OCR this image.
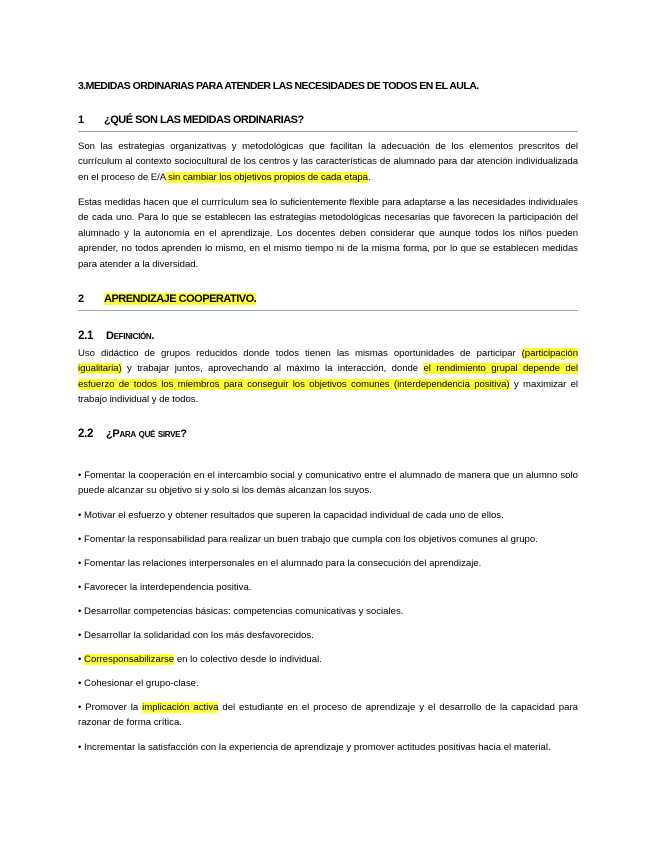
3.MEDIDAS ORDINARIAS PARA ATENDER LAS NECESIDADES DE TODOS EN EL AULA.
1 ¿QUÉ SON LAS MEDIDAS ORDINARIAS?

Son las estrategias organizativas y metodológicas que facilitan la adecuación de los elementos prescritos del currículum al contexto sociocultural de los centros y las características de alumnado para dar atención individualizada en el proceso de E/A sin cambiar los objetivos propios de cada etapa.

Estas medidas hacen que el currrículum sea lo suficientemente flexible para adaptarse a las necesidades individuales de cada uno. Para lo que se establecen las estrategias metodológicas necesarias que favorecen la participación del alumnado y la autonomía en el aprendizaje. Los docentes deben considerar que aunque todos los niños pueden aprender, no todos aprenden lo mismo, en el mismo tiempo ni de la misma forma, por lo que se establecen medidas para atender a la diversidad.

2 APRENDIZAJE COOPERATIVO.
2.1 Definición.

Uso didáctico de grupos reducidos donde todos tienen las mismas oportunidades de participar (participación igualitaria) y trabajar juntos, aprovechando al máximo la interacción, donde el rendimiento grupal depende del esfuerzo de todos los miembros para conseguir los objetivos comunes (interdependencia positiva) y maximizar el trabajo individual y de todos.

2.2 ¿Para qué sirve?

• Fomentar la cooperación en el intercambio social y comunicativo entre el alumnado de manera que un alumno solo puede alcanzar su objetivo si y solo si los demás alcanzan los suyos.

• Motivar el esfuerzo y obtener resultados que superen la capacidad individual de cada uno de ellos.

• Fomentar la responsabilidad para realizar un buen trabajo que cumpla con los objetivos comunes al grupo.

• Fomentar las relaciones interpersonales en el alumnado para la consecución del aprendizaje.

• Favorecer la interdependencia positiva.

• Desarrollar competencias básicas: competencias comunicativas y sociales.

• Desarrollar la solidaridad con los más desfavorecidos.

• Corresponsabilizarse en lo colectivo desde lo individual.

• Cohesionar el grupo-clase.

• Promover la implicación activa del estudiante en el proceso de aprendizaje y el desarrollo de la capacidad para razonar de forma crítica.

• Incrementar la satisfacción con la experiencia de aprendizaje y promover actitudes positivas hacia el material.
